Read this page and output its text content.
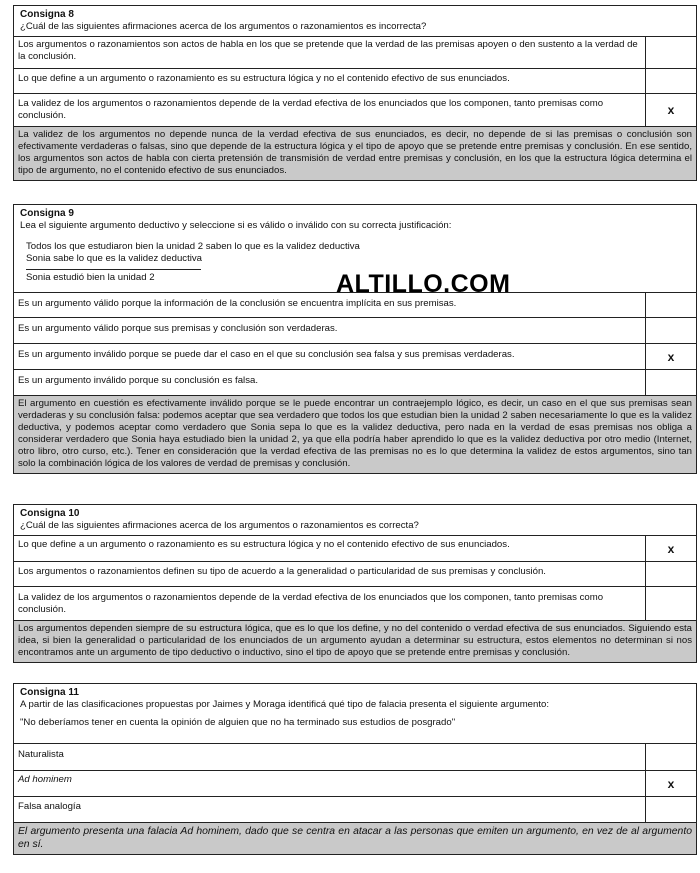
Consigna 8
¿Cuál de las siguientes afirmaciones acerca de los argumentos o razonamientos es incorrecta?
Los argumentos o razonamientos son actos de habla en los que se pretende que la verdad de las premisas apoyen o den sustento a la verdad de la conclusión.
Lo que define a un argumento o razonamiento es su estructura lógica y no el contenido efectivo de sus enunciados.
La validez de los argumentos o razonamientos depende de la verdad efectiva de los enunciados que los componen, tanto premisas como conclusión.	x
La validez de los argumentos no depende nunca de la verdad efectiva de sus enunciados, es decir, no depende de si las premisas o conclusión son efectivamente verdaderas o falsas, sino que depende de la estructura lógica y el tipo de apoyo que se pretende entre premisas y conclusión. En ese sentido, los argumentos son actos de habla con cierta pretensión de transmisión de verdad entre premisas y conclusión, en los que la estructura lógica determina el tipo de argumento, no el contenido efectivo de sus enunciados.
Consigna 9
Lea el siguiente argumento deductivo y seleccione si es válido o inválido con su correcta justificación:
Todos los que estudiaron bien la unidad 2 saben lo que es la validez deductiva
Sonia sabe lo que es la validez deductiva
Sonia estudió bien la unidad 2
Es un argumento válido porque la información de la conclusión se encuentra implícita en sus premisas.
Es un argumento válido porque sus premisas y conclusión son verdaderas.
Es un argumento inválido porque se puede dar el caso en el que su conclusión sea falsa y sus premisas verdaderas.	x
Es un argumento inválido porque su conclusión es falsa.
El argumento en cuestión es efectivamente inválido porque se le puede encontrar un contraejemplo lógico, es decir, un caso en el que sus premisas sean verdaderas y su conclusión falsa: podemos aceptar que sea verdadero que todos los que estudian bien la unidad 2 saben necesariamente lo que es la validez deductiva, y podemos aceptar como verdadero que Sonia sepa lo que es la validez deductiva, pero nada en la verdad de esas premisas nos obliga a considerar verdadero que Sonia haya estudiado bien la unidad 2, ya que ella podría haber aprendido lo que es la validez deductiva por otro medio (Internet, otro libro, otro curso, etc.). Tener en consideración que la verdad efectiva de las premisas no es lo que determina la validez de estos argumentos, sino tan solo la combinación lógica de los valores de verdad de premisas y conclusión.
ALTILLO.COM
Consigna 10
¿Cuál de las siguientes afirmaciones acerca de los argumentos o razonamientos es correcta?
Lo que define a un argumento o razonamiento es su estructura lógica y no el contenido efectivo de sus enunciados.	x
Los argumentos o razonamientos definen su tipo de acuerdo a la generalidad o particularidad de sus premisas y conclusión.
La validez de los argumentos o razonamientos depende de la verdad efectiva de los enunciados que los componen, tanto premisas como conclusión.
Los argumentos dependen siempre de su estructura lógica, que es lo que los define, y no del contenido o verdad efectiva de sus enunciados. Siguiendo esta idea, si bien la generalidad o particularidad de los enunciados de un argumento ayudan a determinar su estructura, estos elementos no determinan si nos encontramos ante un argumento de tipo deductivo o inductivo, sino el tipo de apoyo que se pretende entre premisas y conclusión.
Consigna 11
A partir de las clasificaciones propuestas por Jaimes y Moraga identificá qué tipo de falacia presenta el siguiente argumento:
"No deberíamos tener en cuenta la opinión de alguien que no ha terminado sus estudios de posgrado"
Naturalista
Ad hominem	x
Falsa analogía
El argumento presenta una falacia Ad hominem, dado que se centra en atacar a las personas que emiten un argumento, en vez de al argumento en sí.
